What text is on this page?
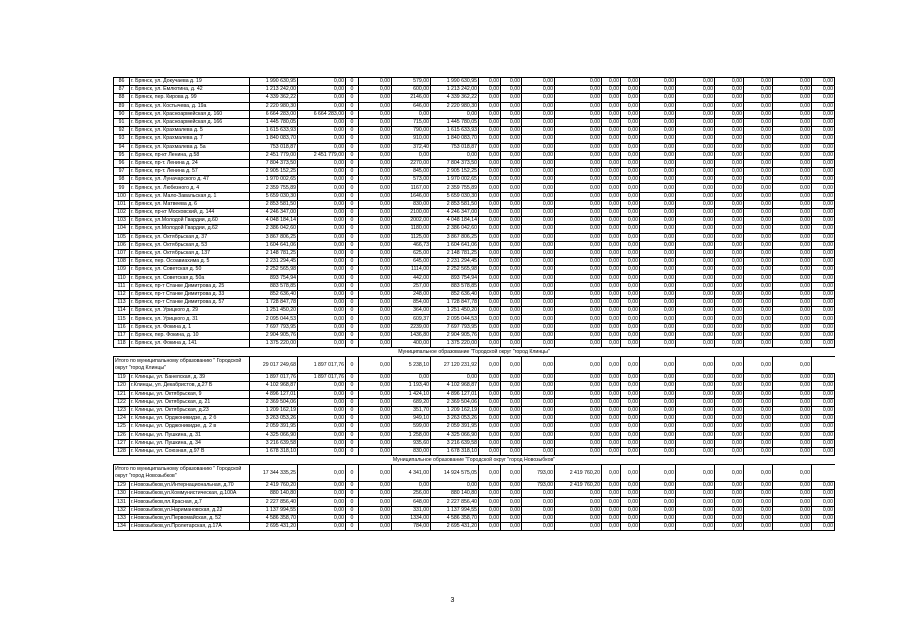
86	г. Брянск, ул. Докучаева д. 19	1 990 630,95	0,00	0	0,00	579,00	1 990 630,95	0,00	0,00	0,00	0,00	0,00	0,00	0,00	0,00	0,00	0,00	0,00	0,00
87	г. Брянск, ул. Емлютина, д. 42	1 213 242,00	0,00	0	0,00	600,00	1 213 242,00	0,00	0,00	0,00	0,00	0,00	0,00	0,00	0,00	0,00	0,00	0,00	0,00
88	г. Брянск, пер. Кирова д. 99	4 339 362,22	0,00	0	0,00	2146,00	4 339 362,22	0,00	0,00	0,00	0,00	0,00	0,00	0,00	0,00	0,00	0,00	0,00	0,00
89	г. Брянск, ул. Костычева, д. 19а	2 220 980,30	0,00	0	0,00	646,00	2 220 980,30	0,00	0,00	0,00	0,00	0,00	0,00	0,00	0,00	0,00	0,00	0,00	0,00
90	г. Брянск, ул. Красноармейская д. 160	6 664 283,00	6 664 283,00	0	0,00	0,00	0,00	0,00	0,00	0,00	0,00	0,00	0,00	0,00	0,00	0,00	0,00	0,00	0,00
91	г. Брянск, ул. Красноармейская д. 166	1 445 780,05	0,00	0	0,00	715,00	1 445 780,05	0,00	0,00	0,00	0,00	0,00	0,00	0,00	0,00	0,00	0,00	0,00	0,00
92	г. Брянск, ул. Крахмалева д. 5	1 615 633,93	0,00	0	0,00	790,00	1 615 633,93	0,00	0,00	0,00	0,00	0,00	0,00	0,00	0,00	0,00	0,00	0,00	0,00
93	г. Брянск, ул. Крахмалева д. 7	1 840 083,70	0,00	0	0,00	910,00	1 840 083,70	0,00	0,00	0,00	0,00	0,00	0,00	0,00	0,00	0,00	0,00	0,00	0,00
94	г. Брянск, ул. Крахмалева д. 5а	753 018,87	0,00	0	0,00	372,40	753 018,87	0,00	0,00	0,00	0,00	0,00	0,00	0,00	0,00	0,00	0,00	0,00	0,00
95	г. Брянск, пр-кт Ленина, д.58	2 451 779,00	2 451 779,00	0	0,00	0,00	0,00	0,00	0,00	0,00	0,00	0,00	0,00	0,00	0,00	0,00	0,00	0,00	0,00
96	г. Брянск, пр-т. Ленина д. 24	7 804 373,50	0,00	0	0,00	2270,00	7 804 373,50	0,00	0,00	0,00	0,00	0,00	0,00	0,00	0,00	0,00	0,00	0,00	0,00
97	г. Брянск, пр-т. Ленина д. 57	2 905 152,25	0,00	0	0,00	845,00	2 905 152,25	0,00	0,00	0,00	0,00	0,00	0,00	0,00	0,00	0,00	0,00	0,00	0,00
98	г. Брянск, ул. Луначарского д. 47	1 970 002,65	0,00	0	0,00	573,00	1 970 002,65	0,00	0,00	0,00	0,00	0,00	0,00	0,00	0,00	0,00	0,00	0,00	0,00
99	г. Брянск, ул. Любезного д. 4	2 359 755,89	0,00	0	0,00	1167,00	2 359 755,89	0,00	0,00	0,00	0,00	0,00	0,00	0,00	0,00	0,00	0,00	0,00	0,00
100	г. Брянск, ул. Мало-Завальская д. 1	5 659 030,30	0,00	0	0,00	1646,00	5 659 030,30	0,00	0,00	0,00	0,00	0,00	0,00	0,00	0,00	0,00	0,00	0,00	0,00
101	г. Брянск, ул. Матвеева д. 6	2 853 581,50	0,00	0	0,00	830,00	2 853 581,50	0,00	0,00	0,00	0,00	0,00	0,00	0,00	0,00	0,00	0,00	0,00	0,00
102	г. Брянск, пр-кт Московский, д. 144	4 246 347,00	0,00	0	0,00	2100,00	4 246 347,00	0,00	0,00	0,00	0,00	0,00	0,00	0,00	0,00	0,00	0,00	0,00	0,00
103	г. Брянск, ул.Молодой Гвардии, д.60	4 048 184,14	0,00	0	0,00	2002,00	4 048 184,14	0,00	0,00	0,00	0,00	0,00	0,00	0,00	0,00	0,00	0,00	0,00	0,00
104	г. Брянск, ул.Молодой Гвардии, д.62	2 386 042,60	0,00	0	0,00	1180,00	2 386 042,60	0,00	0,00	0,00	0,00	0,00	0,00	0,00	0,00	0,00	0,00	0,00	0,00
105	г. Брянск, ул. Октябрьская д. 37	3 867 806,25	0,00	0	0,00	1125,00	3 867 806,25	0,00	0,00	0,00	0,00	0,00	0,00	0,00	0,00	0,00	0,00	0,00	0,00
106	г. Брянск, ул. Октябрьская д. 53	1 604 641,06	0,00	0	0,00	466,73	1 604 641,06	0,00	0,00	0,00	0,00	0,00	0,00	0,00	0,00	0,00	0,00	0,00	0,00
107	г. Брянск, ул. Октябрьская д. 137	2 148 781,25	0,00	0	0,00	625,00	2 148 781,25	0,00	0,00	0,00	0,00	0,00	0,00	0,00	0,00	0,00	0,00	0,00	0,00
108	г. Брянск, пер. Осоавиахима д. 5	2 231 294,45	0,00	0	0,00	645,00	2 231 294,45	0,00	0,00	0,00	0,00	0,00	0,00	0,00	0,00	0,00	0,00	0,00	0,00
109	г. Брянск, ул. Советская д. 50	2 252 565,98	0,00	0	0,00	1114,00	2 252 565,98	0,00	0,00	0,00	0,00	0,00	0,00	0,00	0,00	0,00	0,00	0,00	0,00
110	г. Брянск, ул. Советская д. 50а	893 754,94	0,00	0	0,00	442,00	893 754,94	0,00	0,00	0,00	0,00	0,00	0,00	0,00	0,00	0,00	0,00	0,00	0,00
111	г. Брянск, пр-т Станке Димитрова д. 25	883 578,85	0,00	0	0,00	257,00	883 578,85	0,00	0,00	0,00	0,00	0,00	0,00	0,00	0,00	0,00	0,00	0,00	0,00
112	г. Брянск, пр-т Станке Димитрова д. 33	852 636,40	0,00	0	0,00	248,00	852 636,40	0,00	0,00	0,00	0,00	0,00	0,00	0,00	0,00	0,00	0,00	0,00	0,00
113	г. Брянск, пр-т Станке Димитрова д. 57	1 728 847,78	0,00	0	0,00	854,00	1 728 847,78	0,00	0,00	0,00	0,00	0,00	0,00	0,00	0,00	0,00	0,00	0,00	0,00
114	г. Брянск, ул. Урицкого д. 29	1 251 450,20	0,00	0	0,00	364,00	1 251 450,20	0,00	0,00	0,00	0,00	0,00	0,00	0,00	0,00	0,00	0,00	0,00	0,00
115	г. Брянск, ул. Урицкого д. 31	2 095 044,53	0,00	0	0,00	609,37	2 095 044,53	0,00	0,00	0,00	0,00	0,00	0,00	0,00	0,00	0,00	0,00	0,00	0,00
116	г. Брянск, ул. Фокина д. 1	7 697 793,95	0,00	0	0,00	2239,00	7 697 793,95	0,00	0,00	0,00	0,00	0,00	0,00	0,00	0,00	0,00	0,00	0,00	0,00
117	г. Брянск, пер. Фокина, д. 10	2 904 905,76	0,00	0	0,00	1436,80	2 904 905,76	0,00	0,00	0,00	0,00	0,00	0,00	0,00	0,00	0,00	0,00	0,00	0,00
118	г. Брянск, ул. Фокина д. 141	1 375 220,00	0,00	0	0,00	400,00	1 375 220,00	0,00	0,00	0,00	0,00	0,00	0,00	0,00	0,00	0,00	0,00	0,00	0,00
Муниципальное образование "Городской округ "город Клинцы"																			
Итого по муниципальному образованию " Городской округ "город Клинцы"		29 017 249,68	1 897 017,76	0	0,00	5 238,10	27 120 231,92	0,00	0,00	0,00	0,00	0,00	0,00	0,00	0,00	0,00	0,00	0,00	
119	г. Клинцы, ул. Банелская, д. 39	1 897 017,76	1 897 017,76	0	0,00	0,00	0,00	0,00	0,00	0,00	0,00	0,00	0,00	0,00	0,00	0,00	0,00	0,00	0,00
120	г.Клинцы, ул. Декабристов, д.27 Б	4 102 968,87	0,00	0	0,00	1 193,40	4 102 968,87	0,00	0,00	0,00	0,00	0,00	0,00	0,00	0,00	0,00	0,00	0,00	0,00
121	г. Клинцы, ул. Октябрьская, 9	4 896 127,01	0,00	0	0,00	1 424,10	4 896 127,01	0,00	0,00	0,00	0,00	0,00	0,00	0,00	0,00	0,00	0,00	0,00	0,00
122	г. Клинцы, ул. Октябрьская, д. 21	2 369 504,06	0,00	0	0,00	689,20	2 369 504,06	0,00	0,00	0,00	0,00	0,00	0,00	0,00	0,00	0,00	0,00	0,00	0,00
123	г. Клинцы, ул. Октябрьская, д.23	1 209 162,19	0,00	0	0,00	351,70	1 209 162,19	0,00	0,00	0,00	0,00	0,00	0,00	0,00	0,00	0,00	0,00	0,00	0,00
124	г. Клинцы, ул. Орджоникидзе, д. 2 б	3 263 053,26	0,00	0	0,00	949,10	3 263 053,26	0,00	0,00	0,00	0,00	0,00	0,00	0,00	0,00	0,00	0,00	0,00	0,00
125	г. Клинцы, ул. Орджоникидзе, д. 2 в	2 059 391,95	0,00	0	0,00	599,00	2 059 391,95	0,00	0,00	0,00	0,00	0,00	0,00	0,00	0,00	0,00	0,00	0,00	0,00
126	г. Клинцы, ул. Пушкина, д. 31	4 325 066,90	0,00	0	0,00	1 258,00	4 325 066,90	0,00	0,00	0,00	0,00	0,00	0,00	0,00	0,00	0,00	0,00	0,00	0,00
127	г. Клинцы, ул. Пушкина, д. 34	3 216 639,58	0,00	0	0,00	935,60	3 216 639,58	0,00	0,00	0,00	0,00	0,00	0,00	0,00	0,00	0,00	0,00	0,00	0,00
128	г. Клинцы, ул. Союзная, д.97 В	1 678 318,10	0,00	0	0,00	830,00	1 678 318,10	0,00	0,00	0,00	0,00	0,00	0,00	0,00	0,00	0,00	0,00	0,00	0,00
Муниципальное образование "Городской округ "город Новозыбков"																			
Итого по муниципальному образованию " Городской округ "город Новозыбков"		17 344 335,25	0,00	0	0,00	4 341,00	14 924 575,05	0,00	0,00	793,00	2 419 760,20	0,00	0,00	0,00	0,00	0,00	0,00	0,00	
129	г.Новозыбков,ул.Интернациональная, д.70	2 419 760,20	0,00	0	0,00	0,00	0,00	0,00	0,00	793,00	2 419 760,20	0,00	0,00	0,00	0,00	0,00	0,00	0,00	0,00
130	г.Новозыбков,ул.Коммунистическая, д.100А	880 140,80	0,00	0	0,00	256,00	880 140,80	0,00	0,00	0,00	0,00	0,00	0,00	0,00	0,00	0,00	0,00	0,00	0,00
131	г.Новозыбков,пл.Красная, д.7	2 227 856,40	0,00	0	0,00	648,00	2 227 856,40	0,00	0,00	0,00	0,00	0,00	0,00	0,00	0,00	0,00	0,00	0,00	0,00
132	г.Новозыбков,ул.Наримановская, д.22	1 137 994,55	0,00	0	0,00	331,00	1 137 994,55	0,00	0,00	0,00	0,00	0,00	0,00	0,00	0,00	0,00	0,00	0,00	0,00
133	г.Новозыбков,ул.Первомайская, д. 52	4 586 358,70	0,00	0	0,00	1334,00	4 586 358,70	0,00	0,00	0,00	0,00	0,00	0,00	0,00	0,00	0,00	0,00	0,00	0,00
134	г.Новозыбков,ул.Пролетарская, д.17А	2 695 431,20	0,00	0	0,00	784,00	2 695 431,20	0,00	0,00	0,00	0,00	0,00	0,00	0,00	0,00	0,00	0,00	0,00	0,00
3
